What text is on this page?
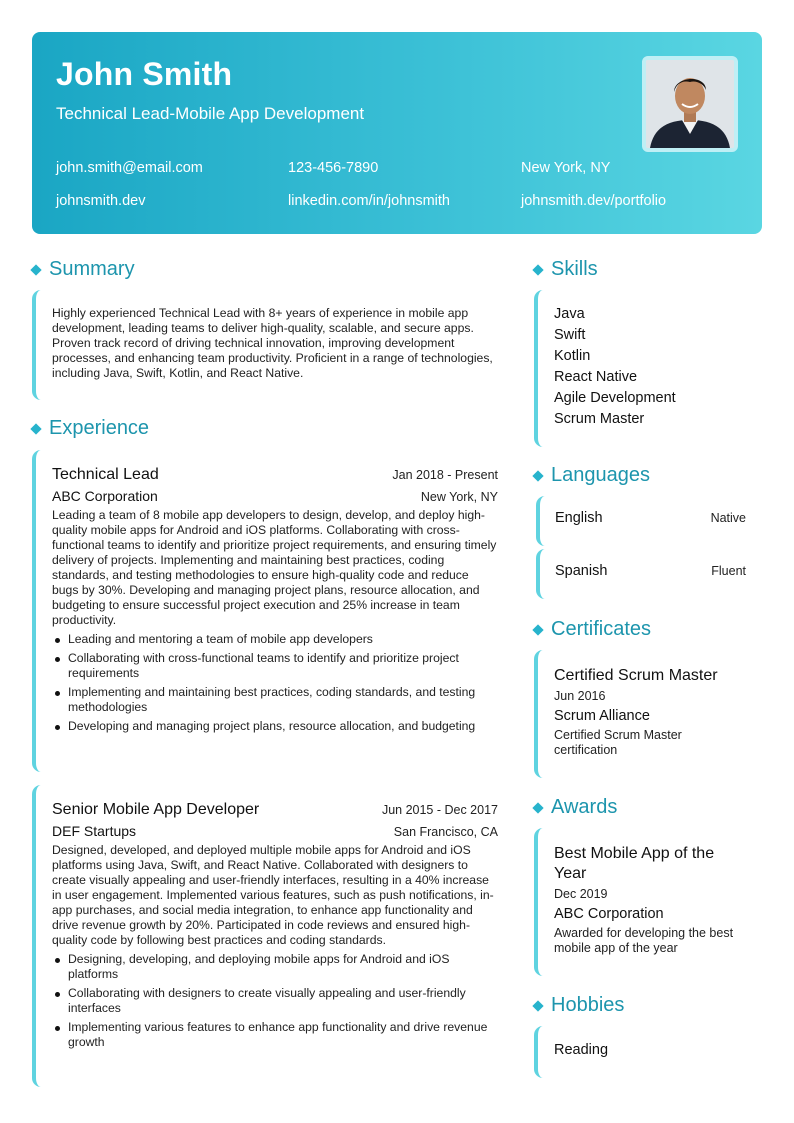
John Smith
Technical Lead-Mobile App Development
john.smith@email.com	123-456-7890	New York, NY
johnsmith.dev	linkedin.com/in/johnsmith	johnsmith.dev/portfolio
Summary
Highly experienced Technical Lead with 8+ years of experience in mobile app development, leading teams to deliver high-quality, scalable, and secure apps. Proven track record of driving technical innovation, improving development processes, and enhancing team productivity. Proficient in a range of technologies, including Java, Swift, Kotlin, and React Native.
Experience
Technical Lead	Jan 2018 - Present
ABC Corporation	New York, NY
Leading a team of 8 mobile app developers to design, develop, and deploy high-quality mobile apps for Android and iOS platforms. Collaborating with cross-functional teams to identify and prioritize project requirements, and ensuring timely delivery of projects. Implementing and maintaining best practices, coding standards, and testing methodologies to ensure high-quality code and reduce bugs by 30%. Developing and managing project plans, resource allocation, and budgeting to ensure successful project execution and 25% increase in team productivity.
Leading and mentoring a team of mobile app developers
Collaborating with cross-functional teams to identify and prioritize project requirements
Implementing and maintaining best practices, coding standards, and testing methodologies
Developing and managing project plans, resource allocation, and budgeting
Senior Mobile App Developer	Jun 2015 - Dec 2017
DEF Startups	San Francisco, CA
Designed, developed, and deployed multiple mobile apps for Android and iOS platforms using Java, Swift, and React Native. Collaborated with designers to create visually appealing and user-friendly interfaces, resulting in a 40% increase in user engagement. Implemented various features, such as push notifications, in-app purchases, and social media integration, to enhance app functionality and drive revenue growth by 20%. Participated in code reviews and ensured high-quality code by following best practices and coding standards.
Designing, developing, and deploying mobile apps for Android and iOS platforms
Collaborating with designers to create visually appealing and user-friendly interfaces
Implementing various features to enhance app functionality and drive revenue growth
Skills
Java
Swift
Kotlin
React Native
Agile Development
Scrum Master
Languages
English	Native
Spanish	Fluent
Certificates
Certified Scrum Master
Jun 2016
Scrum Alliance
Certified Scrum Master certification
Awards
Best Mobile App of the Year
Dec 2019
ABC Corporation
Awarded for developing the best mobile app of the year
Hobbies
Reading
